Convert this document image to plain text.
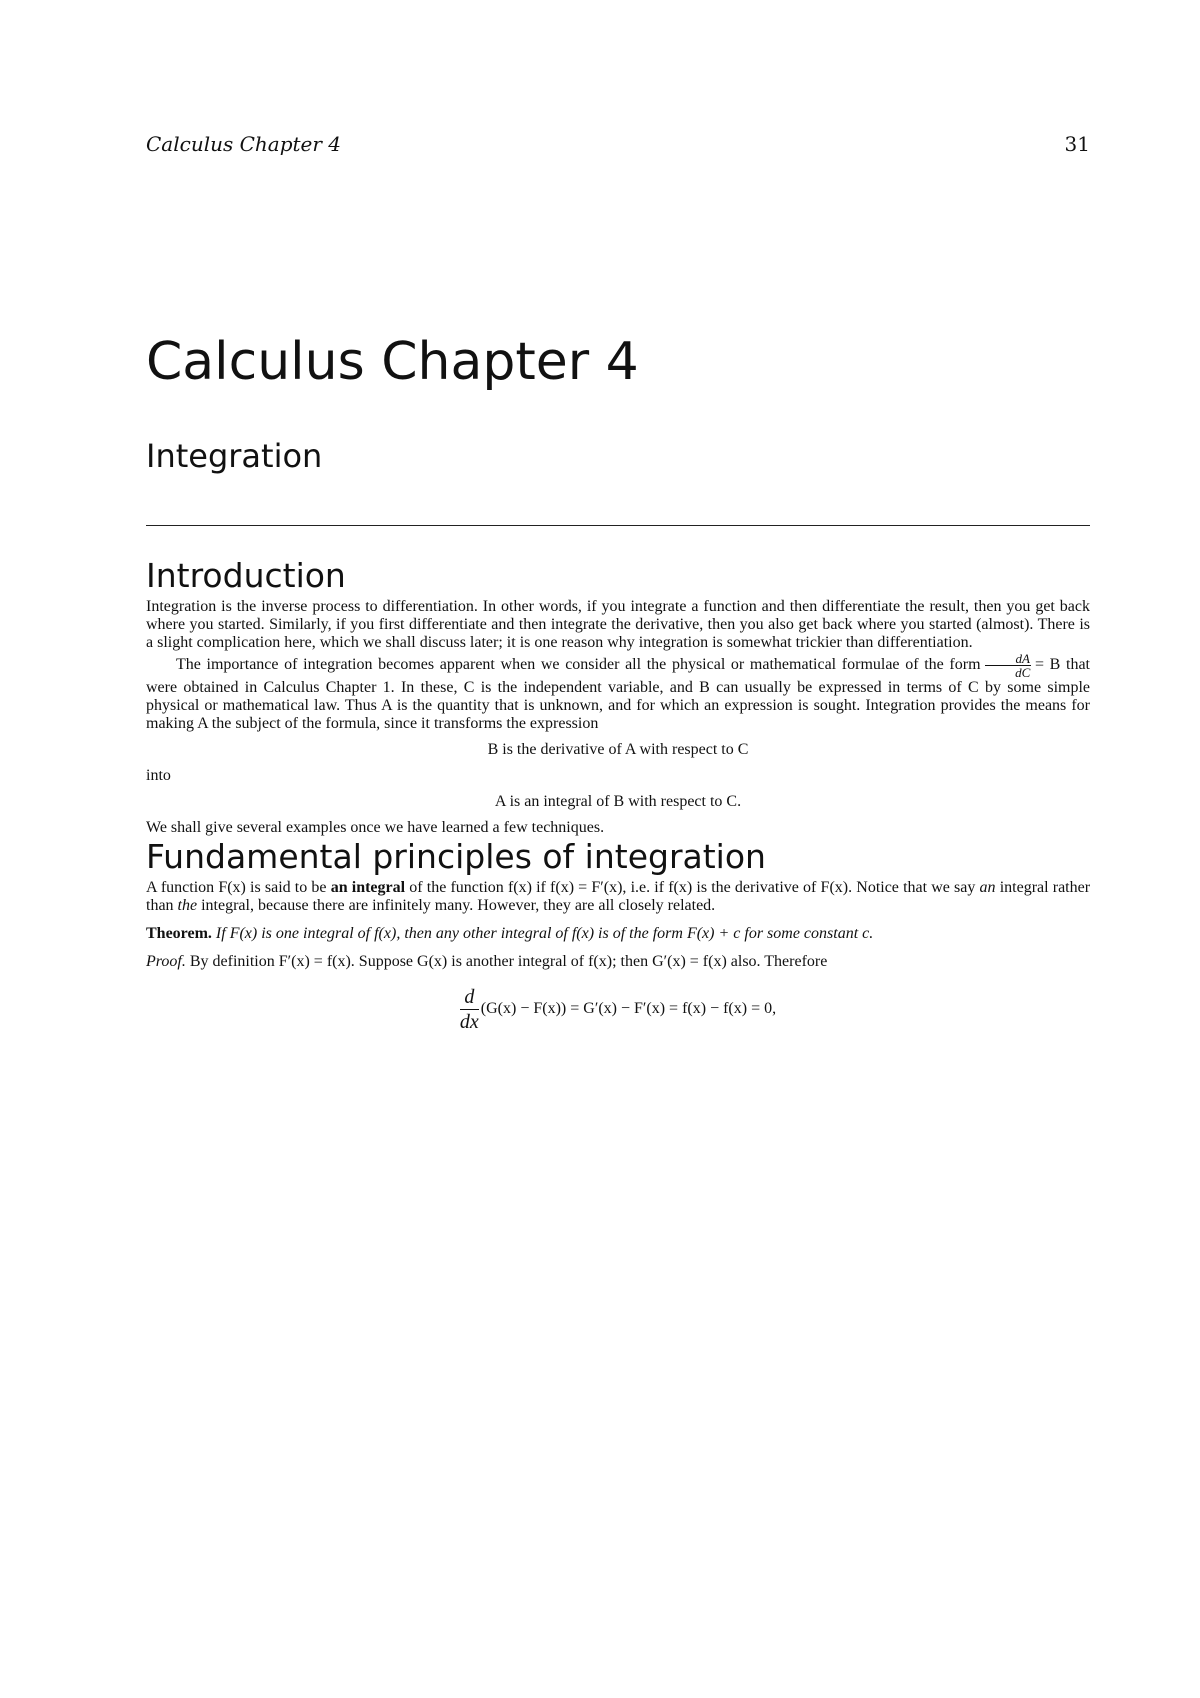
Calculus Chapter 4	31
Calculus Chapter 4
Integration
Introduction

Integration is the inverse process to differentiation. In other words, if you integrate a function and then differentiate the result, then you get back where you started. Similarly, if you first differentiate and then integrate the derivative, then you also get back where you started (almost). There is a slight complication here, which we shall discuss later; it is one reason why integration is somewhat trickier than differentiation.

The importance of integration becomes apparent when we consider all the physical or mathematical formulae of the form $\frac{dA}{dC} = B$ that were obtained in Calculus Chapter 1. In these, C is the independent variable, and B can usually be expressed in terms of C by some simple physical or mathematical law. Thus A is the quantity that is unknown, and for which an expression is sought. Integration provides the means for making A the subject of the formula, since it transforms the expression

B is the derivative of A with respect to C

into

A is an integral of B with respect to C.

We shall give several examples once we have learned a few techniques.

Fundamental principles of integration

A function F(x) is said to be an integral of the function f(x) if f(x) = F′(x), i.e. if f(x) is the derivative of F(x). Notice that we say an integral rather than the integral, because there are infinitely many. However, they are all closely related.

Theorem. If F(x) is one integral of f(x), then any other integral of f(x) is of the form F(x) + c for some constant c.

Proof. By definition F′(x) = f(x). Suppose G(x) is another integral of f(x); then G′(x) = f(x) also. Therefore

$\frac{d}{dx} (G(x) - F(x)) = G'(x) - F'(x) = f(x) - f(x) = 0$,
